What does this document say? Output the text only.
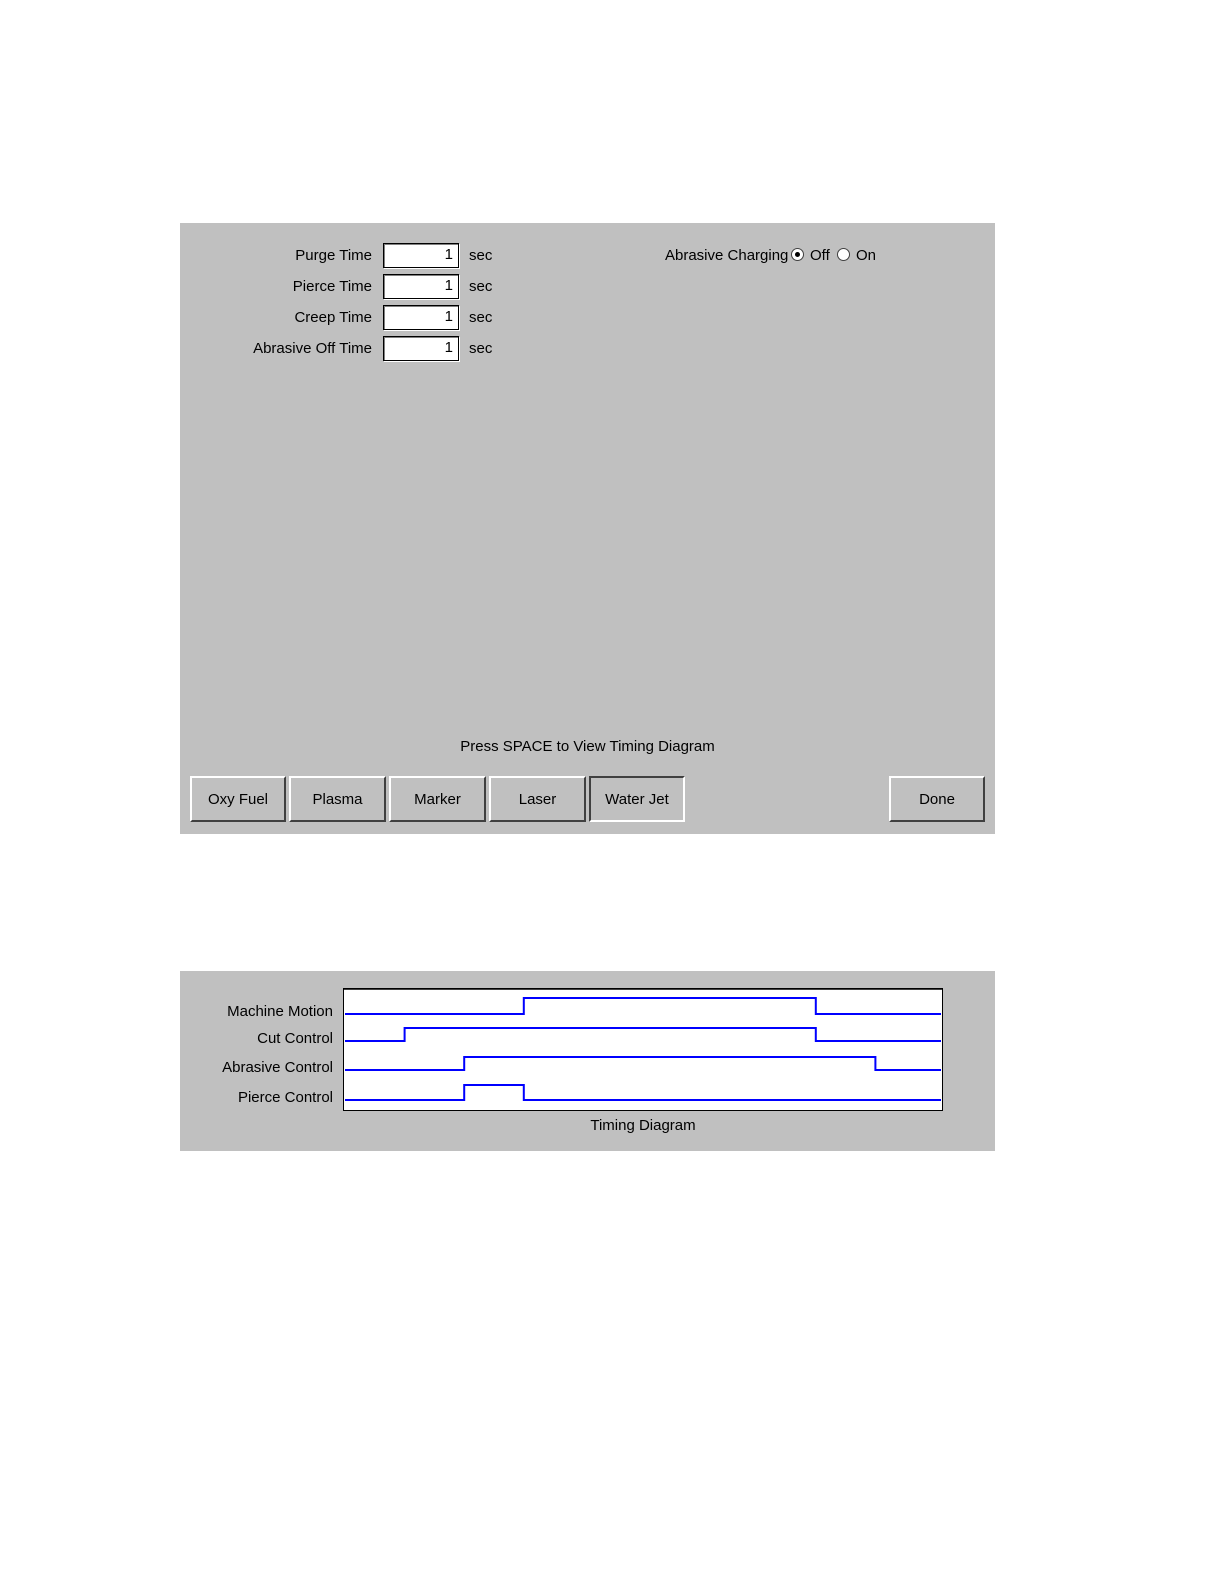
Purge Time	1	sec
Pierce Time	1	sec
Creep Time	1	sec
Abrasive Off Time	1	sec
Abrasive Charging Off On
Press SPACE to View Timing Diagram
Oxy Fuel	Plasma	Marker	Laser	Water Jet	Done
Machine Motion
Cut Control
Abrasive Control
Pierce Control
Timing Diagram
